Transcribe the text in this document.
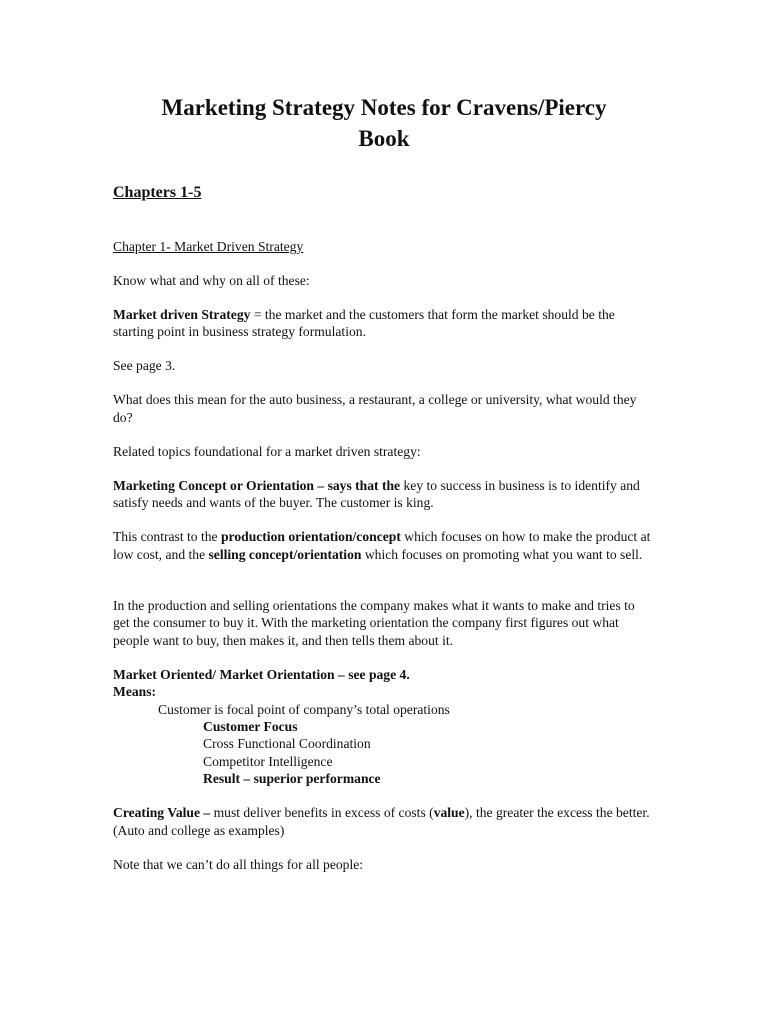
Marketing Strategy Notes for Cravens/Piercy
Book
Chapters 1-5

Chapter 1- Market Driven Strategy

Know what and why on all of these:

Market driven Strategy = the market and the customers that form the market should be the starting point in business strategy formulation.

See page 3.

What does this mean for the auto business, a restaurant, a college or university, what would they do?

Related topics foundational for a market driven strategy:

Marketing Concept or Orientation – says that the key to success in business is to identify and satisfy needs and wants of the buyer. The customer is king.

This contrast to the production orientation/concept which focuses on how to make the product at low cost, and the selling concept/orientation which focuses on promoting what you want to sell.

In the production and selling orientations the company makes what it wants to make and tries to get the consumer to buy it. With the marketing orientation the company first figures out what people want to buy, then makes it, and then tells them about it.

Market Oriented/ Market Orientation – see page 4.

Means:

Customer is focal point of company’s total operations

Customer Focus

Cross Functional Coordination

Competitor Intelligence

Result – superior performance

Creating Value – must deliver benefits in excess of costs (value), the greater the excess the better. (Auto and college as examples)

Note that we can’t do all things for all people:
